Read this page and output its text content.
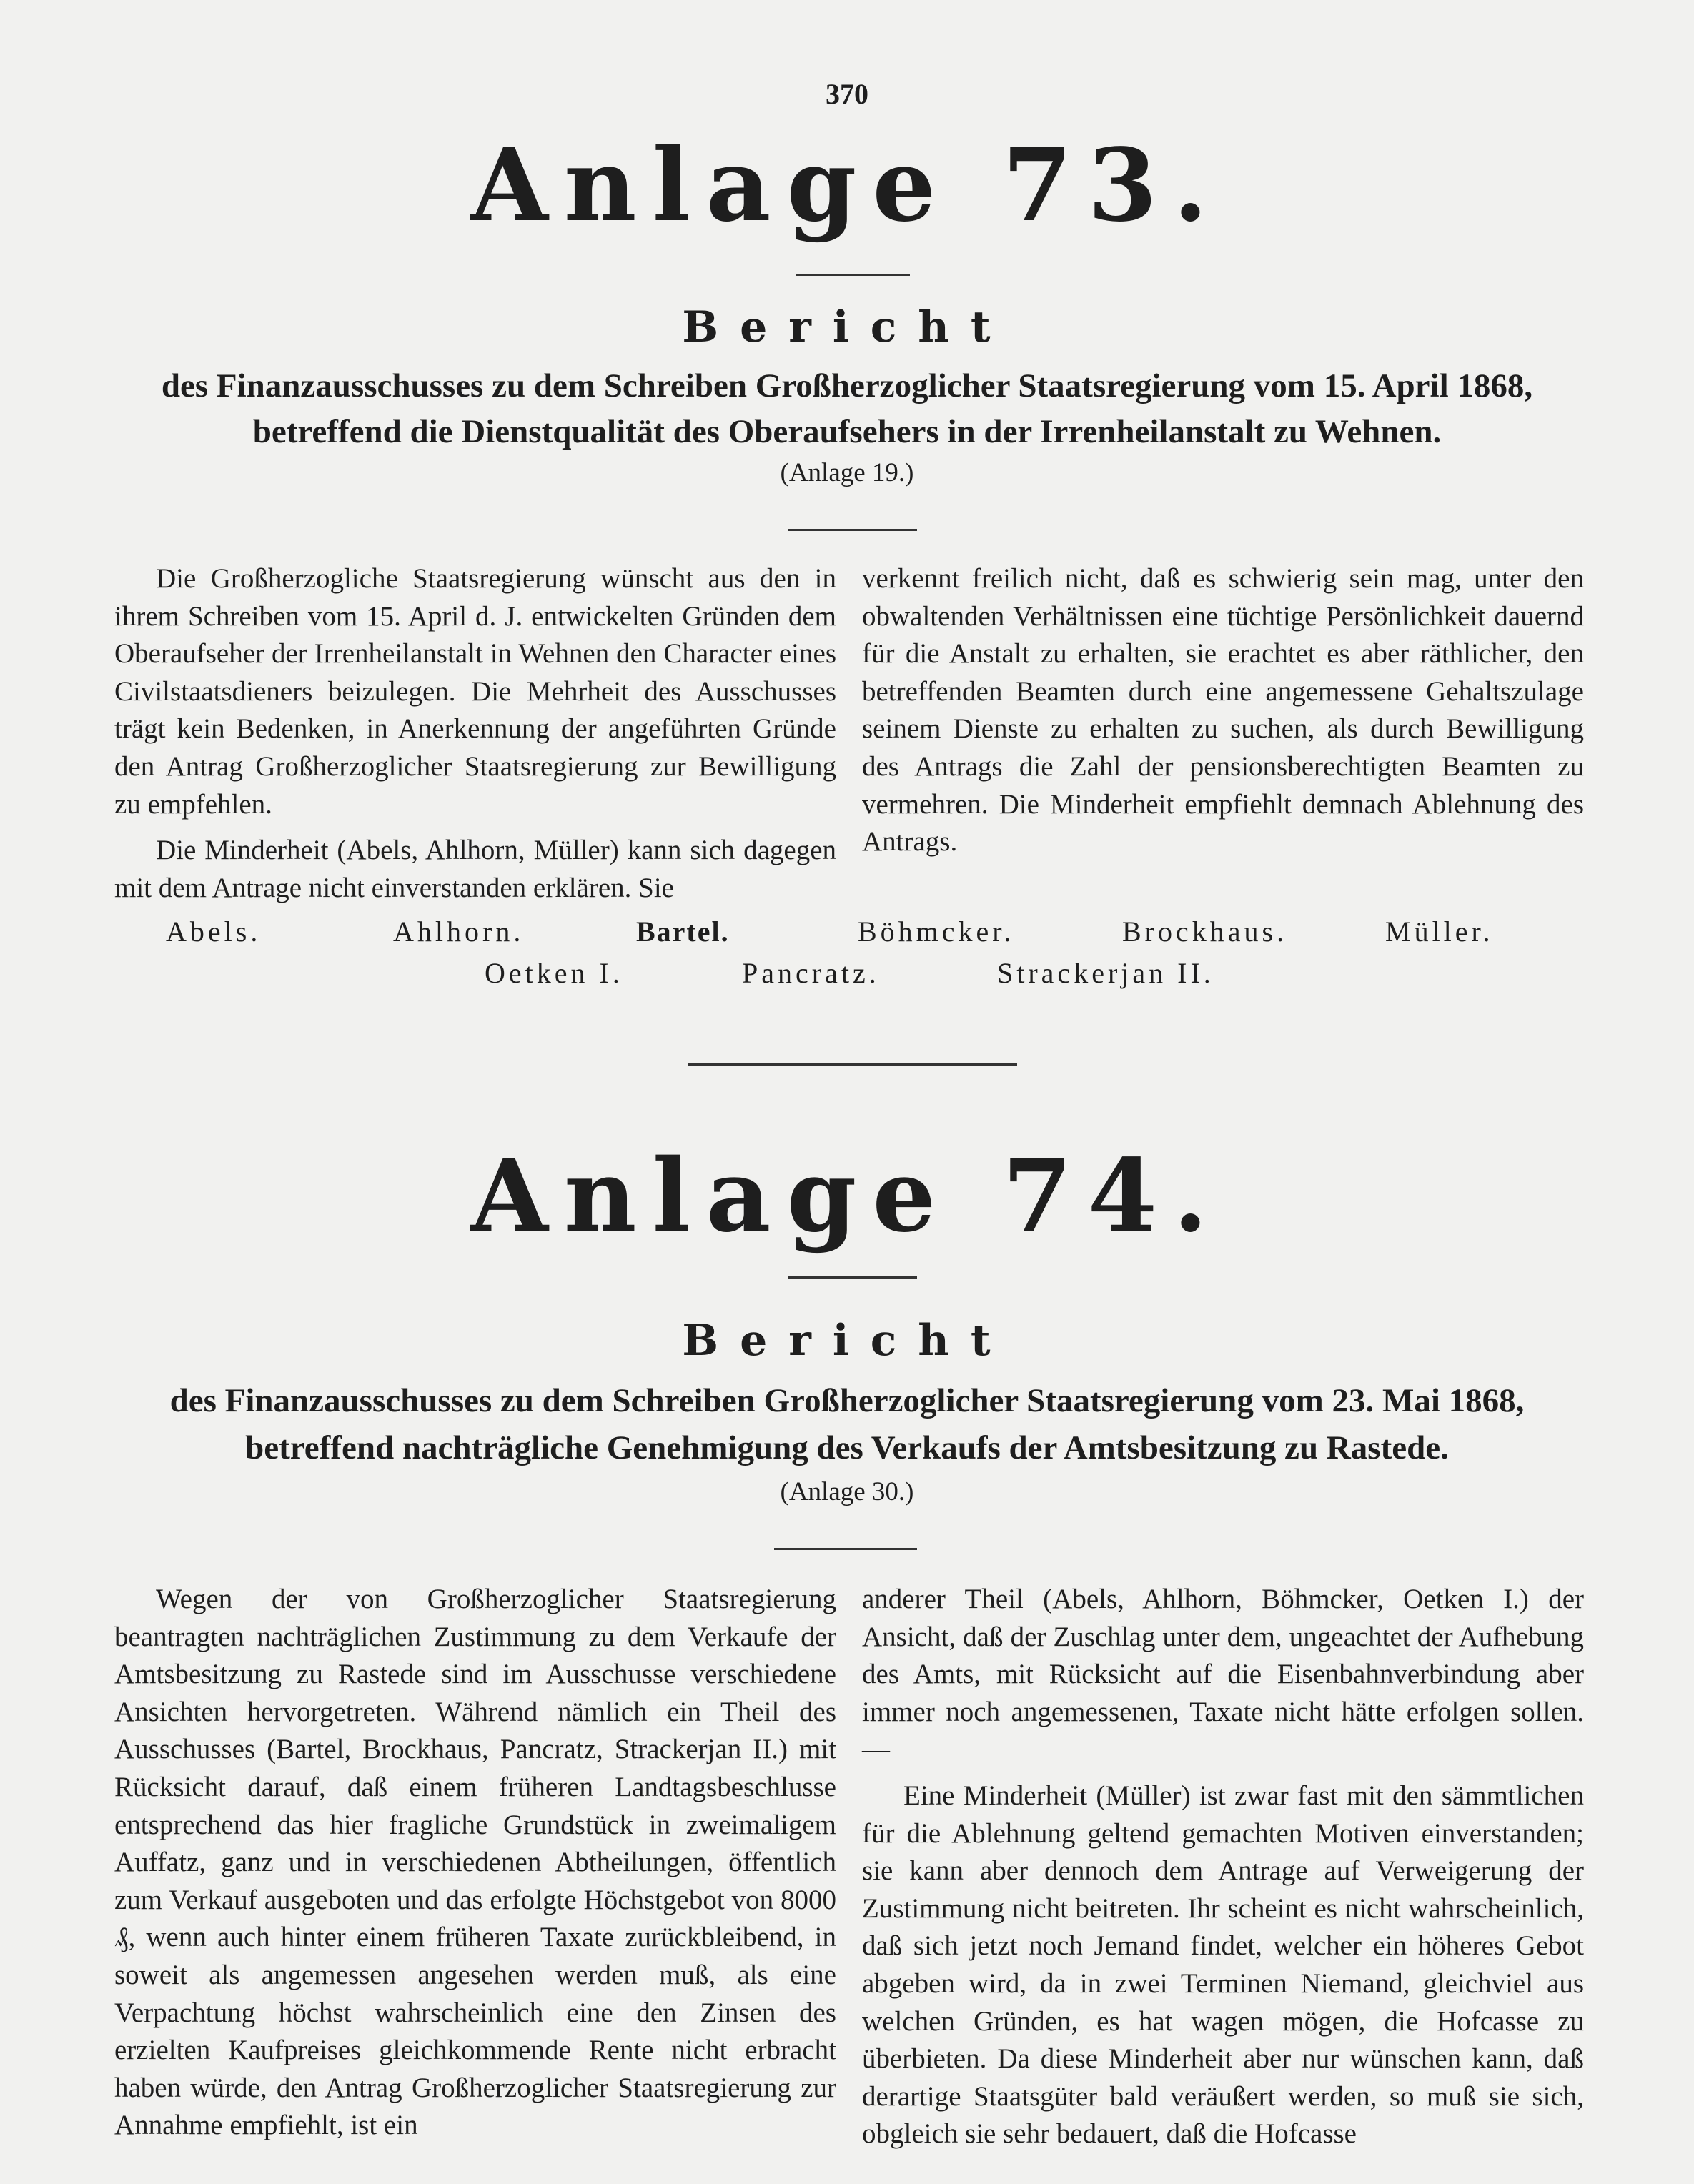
370
Anlage 73.
Bericht
des Finanzausschusses zu dem Schreiben Großherzoglicher Staatsregierung vom 15. April 1868,
betreffend die Dienstqualität des Oberaufsehers in der Irrenheilanstalt zu Wehnen.
(Anlage 19.)

Die Großherzogliche Staatsregierung wünscht aus den in ihrem Schreiben vom 15. April d. J. entwickelten Gründen dem Oberaufseher der Irrenheilanstalt in Wehnen den Character eines Civilstaatsdieners beizulegen. Die Mehrheit des Ausschusses trägt kein Bedenken, in Anerkennung der angeführten Gründe den Antrag Großherzoglicher Staatsregierung zur Bewilligung zu empfehlen.

Die Minderheit (Abels, Ahlhorn, Müller) kann sich dagegen mit dem Antrage nicht einverstanden erklären. Sie

verkennt freilich nicht, daß es schwierig sein mag, unter den obwaltenden Verhältnissen eine tüchtige Persönlichkeit dauernd für die Anstalt zu erhalten, sie erachtet es aber räthlicher, den betreffenden Beamten durch eine angemessene Gehaltszulage seinem Dienste zu erhalten zu suchen, als durch Bewilligung des Antrags die Zahl der pensionsberechtigten Beamten zu vermehren. Die Minderheit empfiehlt demnach Ablehnung des Antrags.

Abels.	Ahlhorn.	Bartel.	Böhmcker.	Brockhaus.	Müller.
Oetken I.	Pancratz.	Strackerjan II.
Anlage 74.
Bericht
des Finanzausschusses zu dem Schreiben Großherzoglicher Staatsregierung vom 23. Mai 1868,
betreffend nachträgliche Genehmigung des Verkaufs der Amtsbesitzung zu Rastede.
(Anlage 30.)

Wegen der von Großherzoglicher Staatsregierung beantragten nachträglichen Zustimmung zu dem Verkaufe der Amtsbesitzung zu Rastede sind im Ausschusse verschiedene Ansichten hervorgetreten. Während nämlich ein Theil des Ausschusses (Bartel, Brockhaus, Pancratz, Strackerjan II.) mit Rücksicht darauf, daß einem früheren Landtagsbeschlusse entsprechend das hier fragliche Grundstück in zweimaligem Auffatz, ganz und in verschiedenen Abtheilungen, öffentlich zum Verkauf ausgeboten und das erfolgte Höchstgebot von 8000 ₰, wenn auch hinter einem früheren Taxate zurückbleibend, in soweit als angemessen angesehen werden muß, als eine Verpachtung höchst wahrscheinlich eine den Zinsen des erzielten Kaufpreises gleichkommende Rente nicht erbracht haben würde, den Antrag Großherzoglicher Staatsregierung zur Annahme empfiehlt, ist ein

anderer Theil (Abels, Ahlhorn, Böhmcker, Oetken I.) der Ansicht, daß der Zuschlag unter dem, ungeachtet der Aufhebung des Amts, mit Rücksicht auf die Eisenbahnverbindung aber immer noch angemessenen, Taxate nicht hätte erfolgen sollen. —

Eine Minderheit (Müller) ist zwar fast mit den sämmtlichen für die Ablehnung geltend gemachten Motiven einverstanden; sie kann aber dennoch dem Antrage auf Verweigerung der Zustimmung nicht beitreten. Ihr scheint es nicht wahrscheinlich, daß sich jetzt noch Jemand findet, welcher ein höheres Gebot abgeben wird, da in zwei Terminen Niemand, gleichviel aus welchen Gründen, es hat wagen mögen, die Hofcasse zu überbieten. Da diese Minderheit aber nur wünschen kann, daß derartige Staatsgüter bald veräußert werden, so muß sie sich, obgleich sie sehr bedauert, daß die Hofcasse
